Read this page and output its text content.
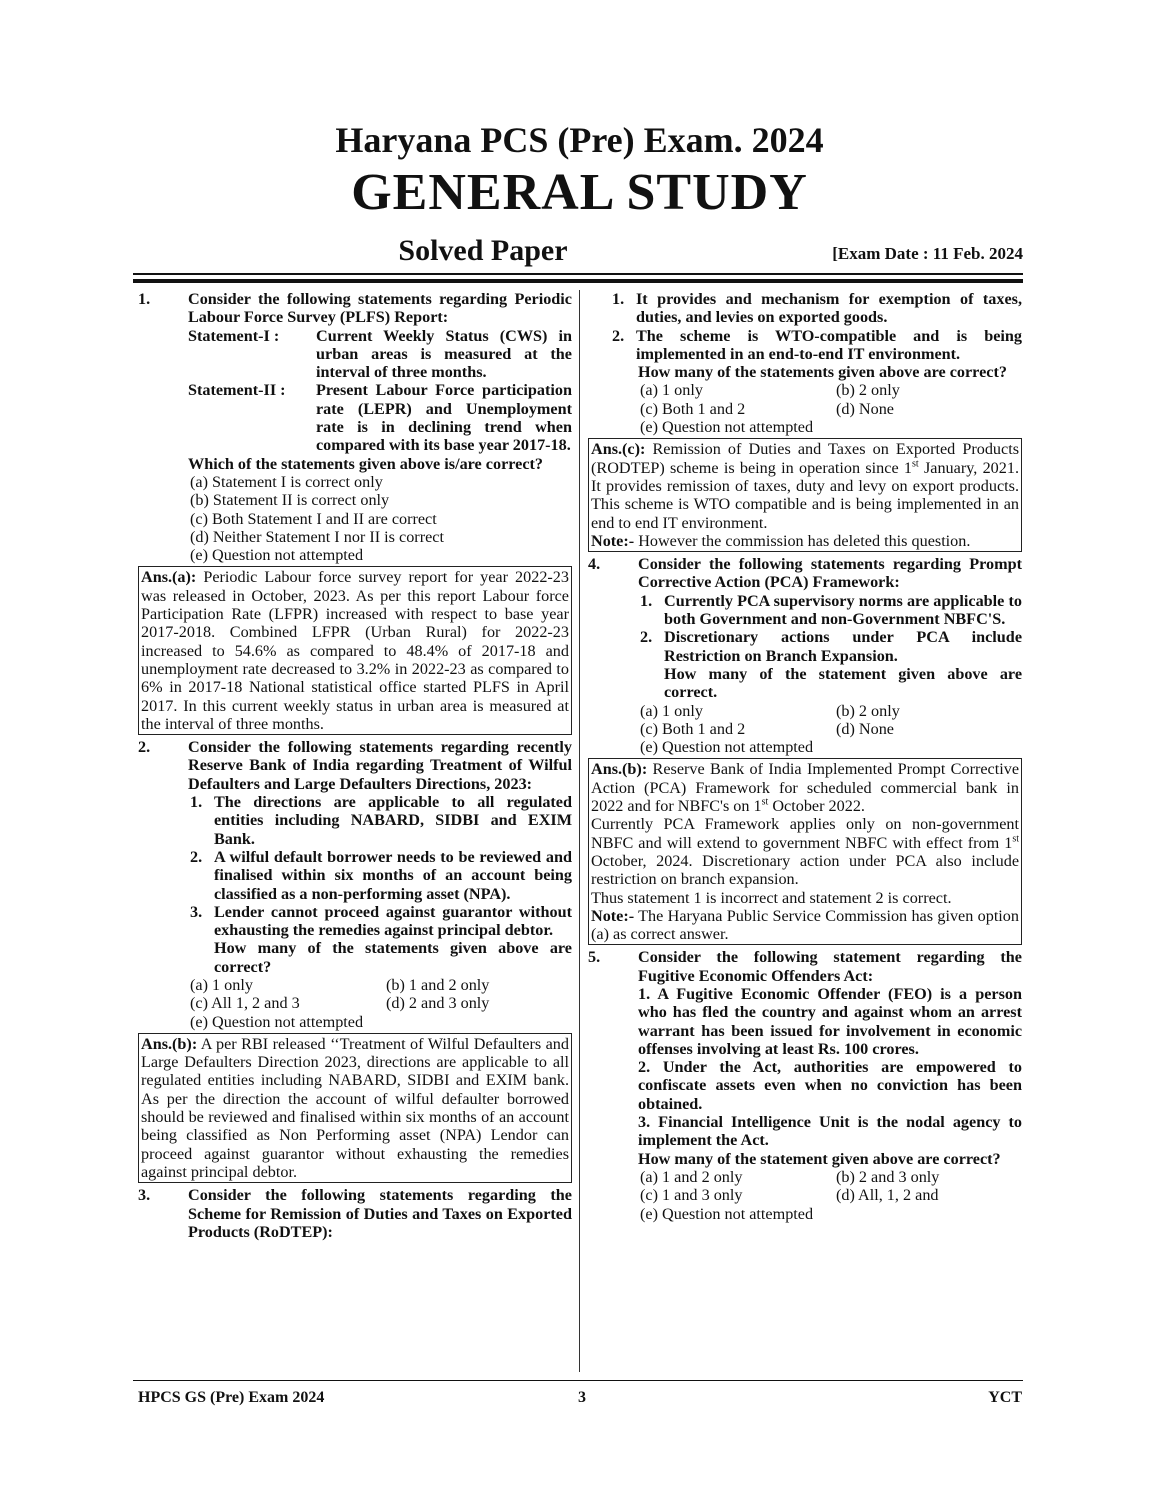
Haryana PCS (Pre) Exam. 2024
GENERAL STUDY
Solved Paper	[Exam Date : 11 Feb. 2024
1. Consider the following statements regarding Periodic Labour Force Survey (PLFS) Report:
Statement-I :	Current Weekly Status (CWS) in urban areas is measured at the interval of three months.
Statement-II :	Present Labour Force participation rate (LEPR) and Unemployment rate is in declining trend when compared with its base year 2017-18.
Which of the statements given above is/are correct?
(a) Statement I is correct only
(b) Statement II is correct only
(c) Both Statement I and II are correct
(d) Neither Statement I nor II is correct
(e) Question not attempted
Ans.(a): Periodic Labour force survey report for year 2022-23 was released in October, 2023. As per this report Labour force Participation Rate (LFPR) increased with respect to base year 2017-2018. Combined LFPR (Urban Rural) for 2022-23 increased to 54.6% as compared to 48.4% of 2017-18 and unemployment rate decreased to 3.2% in 2022-23 as compared to 6% in 2017-18 National statistical office started PLFS in April 2017. In this current weekly status in urban area is measured at the interval of three months.
2. Consider the following statements regarding recently Reserve Bank of India regarding Treatment of Wilful Defaulters and Large Defaulters Directions, 2023:
1. The directions are applicable to all regulated entities including NABARD, SIDBI and EXIM Bank.
2. A wilful default borrower needs to be reviewed and finalised within six months of an account being classified as a non-performing asset (NPA).
3. Lender cannot proceed against guarantor without exhausting the remedies against principal debtor.
How many of the statements given above are correct?
(a) 1 only	(b) 1 and 2 only
(c) All 1, 2 and 3	(d) 2 and 3 only
(e) Question not attempted
Ans.(b): A per RBI released ‘‘Treatment of Wilful Defaulters and Large Defaulters Direction 2023, directions are applicable to all regulated entities including NABARD, SIDBI and EXIM bank. As per the direction the account of wilful defaulter borrowed should be reviewed and finalised within six months of an account being classified as Non Performing asset (NPA) Lendor can proceed against guarantor without exhausting the remedies against principal debtor.
3. Consider the following statements regarding the Scheme for Remission of Duties and Taxes on Exported Products (RoDTEP):
1. It provides and mechanism for exemption of taxes, duties, and levies on exported goods.
2. The scheme is WTO-compatible and is being implemented in an end-to-end IT environment.
How many of the statements given above are correct?
(a) 1 only	(b) 2 only
(c) Both 1 and 2	(d) None
(e) Question not attempted
Ans.(c): Remission of Duties and Taxes on Exported Products (RODTEP) scheme is being in operation since 1st January, 2021. It provides remission of taxes, duty and levy on export products. This scheme is WTO compatible and is being implemented in an end to end IT environment.
Note:- However the commission has deleted this question.
4. Consider the following statements regarding Prompt Corrective Action (PCA) Framework:
1. Currently PCA supervisory norms are applicable to both Government and non-Government NBFC'S.
2. Discretionary actions under PCA include Restriction on Branch Expansion.
How many of the statement given above are correct.
(a) 1 only	(b) 2 only
(c) Both 1 and 2	(d) None
(e) Question not attempted
Ans.(b): Reserve Bank of India Implemented Prompt Corrective Action (PCA) Framework for scheduled commercial bank in 2022 and for NBFC's on 1st October 2022.
Currently PCA Framework applies only on non-government NBFC and will extend to government NBFC with effect from 1st October, 2024. Discretionary action under PCA also include restriction on branch expansion.
Thus statement 1 is incorrect and statement 2 is correct.
Note:- The Haryana Public Service Commission has given option (a) as correct answer.
5. Consider the following statement regarding the Fugitive Economic Offenders Act:
1. A Fugitive Economic Offender (FEO) is a person who has fled the country and against whom an arrest warrant has been issued for involvement in economic offenses involving at least Rs. 100 crores.
2. Under the Act, authorities are empowered to confiscate assets even when no conviction has been obtained.
3. Financial Intelligence Unit is the nodal agency to implement the Act.
How many of the statement given above are correct?
(a) 1 and 2 only	(b) 2 and 3 only
(c) 1 and 3 only	(d) All, 1, 2 and
(e) Question not attempted
HPCS GS (Pre) Exam 2024	3	YCT
